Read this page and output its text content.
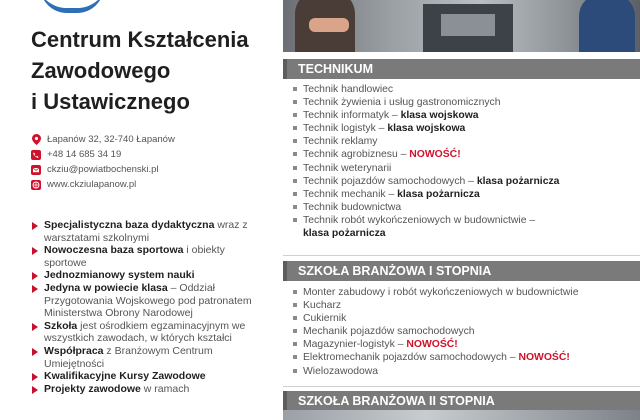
Centrum Kształcenia
Zawodowego
i Ustawicznego
Łapanów 32, 32-740 Łapanów
+48 14 685 34 19
ckziu@powiatbochenski.pl
www.ckziulapanow.pl
Specjalistyczna baza dydaktyczna wraz z warsztatami szkolnymi
Nowoczesna baza sportowa i obiekty sportowe
Jednozmianowy system nauki
Jedyna w powiecie klasa – Oddział Przygotowania Wojskowego pod patronatem Ministerstwa Obrony Narodowej
Szkoła jest ośrodkiem egzaminacyjnym we wszystkich zawodach, w których kształci
Współpraca z Branżowym Centrum Umiejętności
Kwalifikacyjne Kursy Zawodowe
Projekty zawodowe w ramach
TECHNIKUM
Technik handlowiec
Technik żywienia i usług gastronomicznych
Technik informatyk – klasa wojskowa
Technik logistyk – klasa wojskowa
Technik reklamy
Technik agrobiznesu – NOWOŚĆ!
Technik weterynarii
Technik pojazdów samochodowych – klasa pożarnicza
Technik mechanik – klasa pożarnicza
Technik budownictwa
Technik robót wykończeniowych w budownictwie –
klasa pożarnicza
SZKOŁA BRANŻOWA I STOPNIA
Monter zabudowy i robót wykończeniowych w budownictwie
Kucharz
Cukiernik
Mechanik pojazdów samochodowych
Magazynier-logistyk – NOWOŚĆ!
Elektromechanik pojazdów samochodowych – NOWOŚĆ!
Wielozawodowa
SZKOŁA BRANŻOWA II STOPNIA
